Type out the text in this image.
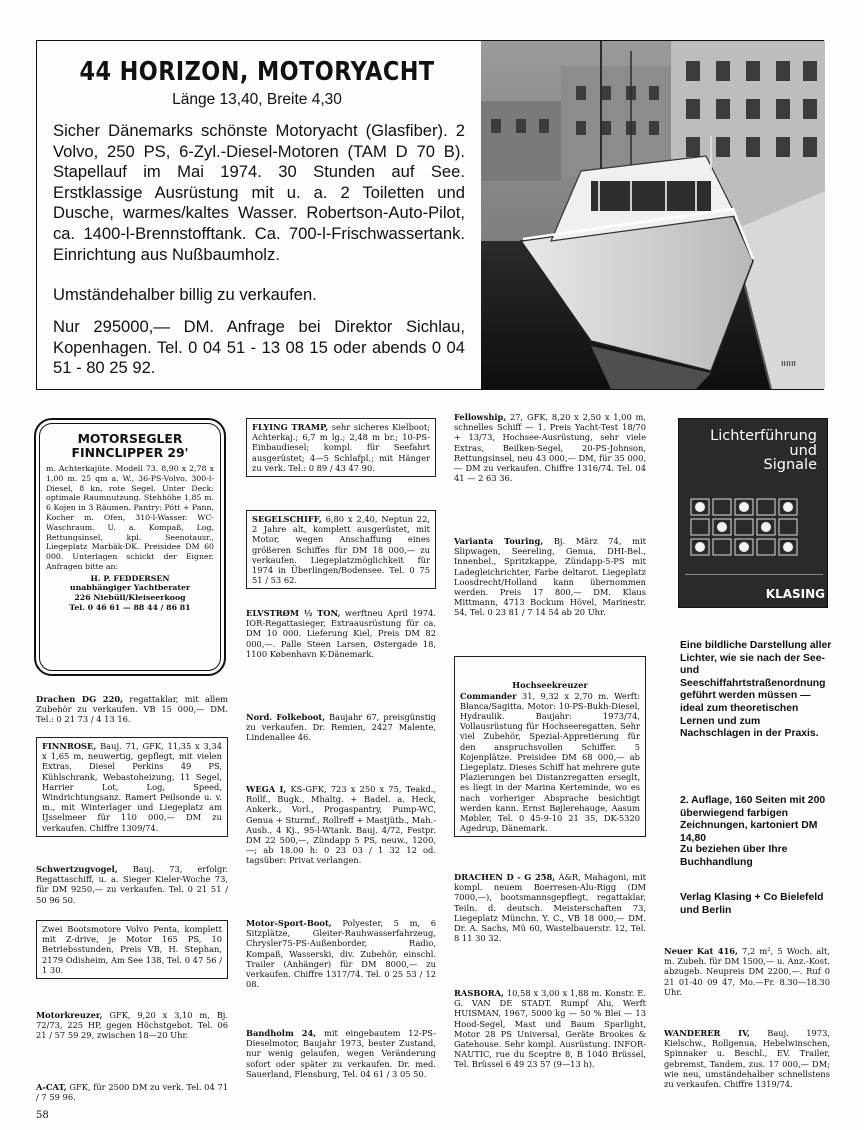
44 HORIZON, MOTORYACHT
Länge 13,40, Breite 4,30
Sicher Dänemarks schönste Motoryacht (Glasfiber). 2 Volvo, 250 PS, 6-Zyl.-Diesel-Motoren (TAM D 70 B). Stapellauf im Mai 1974. 30 Stunden auf See. Erstklassige Ausrüstung mit u. a. 2 Toiletten und Dusche, warmes/kaltes Wasser. Robertson-Auto-Pilot, ca. 1400-l-Brennstofftank. Ca. 700-l-Frischwassertank. Einrichtung aus Nußbaumholz.
Umständehalber billig zu verkaufen.
Nur 295000,— DM. Anfrage bei Direktor Sichlau, Kopenhagen. Tel. 0 04 51 - 13 08 15 oder abends 0 04 51 - 80 25 92.	ıııııı
MOTORSEGLER
FINNCLIPPER 29'
m. Achterkajüte. Modell 73. 8,90 x 2,78 x 1,00 m. 25 qm a. W., 36-PS-Volvo, 300-l-Diesel, 8 kn, rote Segel. Unter Deck: optimale Raumnutzung. Stehhöhe 1,85 m. 6 Kojen in 3 Räumen. Pantry: Pött + Pann, Kocher m. Ofen, 310-l-Wasser. WC-Waschraum. U. a. Kompaß, Log, Rettungsinsel, kpl. Seenotausr., Liegeplatz Marbäk-DK. Preisidee DM 60 000. Unterlagen schickt der Eigner. Anfragen bitte an:
H. P. FEDDERSEN
unabhängiger Yachtberater
226 Niebüll/Kleiseerkoog
Tel. 0 46 61 — 88 44 / 86 81
Drachen DG 220, regattaklar, mit allem Zubehör zu verkaufen. VB 15 000,— DM. Tel.: 0 21 73 / 4 13 16.
FINNROSE, Bauj. 71, GFK, 11,35 x 3,34 x 1,65 m, neuwertig, gepflegt, mit vielen Extras, Diesel Perkins 49 PS, Kühlschrank, Webastoheizung, 11 Segel, Harrier Lot, Log, Speed, Windrichtungsanz. Ramert Peilsonde u. v. m., mit Winterlager und Liegeplatz am IJsselmeer für 110 000,— DM zu verkaufen. Chiffre 1309/74.
Schwertzugvogel, Bauj. 73, erfolgr. Regattaschiff, u. a. Sieger Kieler-Woche 73, für DM 9250,— zu verkaufen. Tel. 0 21 51 / 50 96 50.
Zwei Bootsmotore Volvo Penta, komplett mit Z-drive, je Motor 165 PS, 10 Betriebsstunden, Preis VB, H. Stephan, 2179 Odisheim, Am See 138, Tel. 0 47 56 / 1 30.
Motorkreuzer, GFK, 9,20 x 3,10 m, Bj. 72/73, 225 HP, gegen Höchstgebot. Tel. 06 21 / 57 59 29, zwischen 18—20 Uhr.
A-CAT, GFK, für 2500 DM zu verk. Tel. 04 71 / 7 59 96.
FLYING TRAMP, sehr sicheres Kielboot; Achterkaj.; 6,7 m lg.; 2,48 m br.; 10-PS-Einbaudiesel; kompl. für Seefahrt ausgerüstet; 4—5 Schlafpl.; mit Hänger zu verk. Tel.: 0 89 / 43 47 90.
SEGELSCHIFF, 6,80 x 2,40, Neptun 22, 2 Jahre alt, komplett ausgerüstet, mit Motor, wegen Anschaffung eines größeren Schiffes für DM 18 000,— zu verkaufen. Liegeplatzmöglichkeit für 1974 in Überlingen/Bodensee. Tel. 0 75 51 / 53 62.
ELVSTRØM ½ TON, werftneu April 1974. IOR-Regattasieger, Extraausrüstung für ca. DM 10 000. Lieferung Kiel, Preis DM 82 000,—. Palle Steen Larsen, Østergade 18, 1100 København K-Dänemark.
Nord. Folkeboot, Baujahr 67, preisgünstig zu verkaufen. Dr. Remien, 2427 Malente, Lindenallee 46.
WEGA I, KS-GFK, 723 x 250 x 75, Teakd., Rollf., Bugk., Mhaltg. + Badel. a. Heck, Ankerk., Vorl., Progaspantry, Pump-WC, Genua + Sturmf., Rollreff + Mastjütb., Mah.-Ausb., 4 Kj., 95-l-Wtank. Bauj. 4/72, Festpr. DM 22 500,—, Zündapp 5 PS, neuw., 1200,—; ab 18.00 h: 0 23 03 / 1 32 12 od. tagsüber: Privat verlangen.
Motor-Sport-Boot, Polyester, 5 m, 6 Sitzplätze, Gleiter-Rauhwasserfahrzeug, Chrysler75-PS-Außenborder, Radio, Kompaß, Wasserski, div. Zubehör, einschl. Trailer (Anhänger) für DM 8000,— zu verkaufen. Chiffre 1317/74. Tel. 0 25 53 / 12 08.
Bandholm 24, mit eingebautem 12-PS-Dieselmotor, Baujahr 1973, bester Zustand, nur wenig gelaufen, wegen Veränderung sofort oder später zu verkaufen. Dr. med. Sauerland, Flensburg, Tel. 04 61 / 3 05 50.
Fellowship, 27, GFK, 8,20 x 2,50 x 1,00 m, schnelles Schiff — 1. Preis Yacht-Test 18/70 + 13/73, Hochsee-Ausrüstung, sehr viele Extras, Beilken-Segel, 20-PS-Johnson, Rettungsinsel, neu 43 000,— DM, für 35 000,— DM zu verkaufen. Chiffre 1316/74. Tel. 04 41 — 2 63 36.
Varianta Touring, Bj. März 74, mit Slipwagen, Seereling, Genua, DHI-Bel., Innenbel., Spritzkappe, Zündapp-5-PS mit Ladegleichrichter, Farbe deltarot. Liegeplatz Loosdrecht/Holland kann übernommen werden. Preis 17 800,— DM. Klaus Mittmann, 4713 Bockum Hövel, Marinestr. 54, Tel. 0 23 81 / 7 14 54 ab 20 Uhr.

Hochseekreuzer
Commander 31, 9,32 x 2,70 m. Werft: Blanca/Sagitta. Motor: 10-PS-Bukh-Diesel, Hydraulik. Baujahr: 1973/74, Vollausrüstung für Hochseeregatten. Sehr viel Zubehör, Spezial-Appretierung für den anspruchsvollen Schiffer. 5 Kojenplätze. Preisidee DM 68 000,— ab Liegeplatz. Dieses Schiff hat mehrere gute Plazierungen bei Distanzregatten erseglt, es liegt in der Marina Kerteminde, wo es nach vorheriger Absprache besichtigt werden kann. Ernst Bøjlerehauge, Aasum Møbler, Tel. 0 45-9-10 21 35, DK-5320 Agedrup, Dänemark.

DRACHEN D - G 258, A&R, Mahagoni, mit kompl. neuem Boerresen-Alu-Rigg (DM 7000,—), bootsmannsgepflegt, regattaklar, Teiln. d. deutsch. Meisterschaften 73, Liegeplatz Münchn. Y. C., VB 18 000,— DM. Dr. A. Sachs, Mü 60, Wastelbauerstr. 12, Tel. 8 11 30 32.
RASBORA, 10,58 x 3,00 x 1,88 m. Konstr. E. G. VAN DE STADT. Rumpf Alu, Werft HUISMAN, 1967, 5000 kg — 50 % Blei — 13 Hood-Segel, Mast und Baum Sparlight, Motor 28 PS Universal, Geräte Brookes & Gatehouse. Sehr kompl. Ausrüstung. INFOR-NAUTIC, rue du Sceptre 8, B 1040 Brüssel, Tel. Brüssel 6 49 23 57 (9—13 h).
Lichterführung
und
Signale
KLASING
Eine bildliche Darstellung aller Lichter, wie sie nach der See- und Seeschiffahrtstraßenordnung geführt werden müssen — ideal zum theoretischen Lernen und zum Nachschlagen in der Praxis.
2. Auflage, 160 Seiten mit 200 überwiegend farbigen Zeichnungen, kartoniert DM 14,80
Zu beziehen über Ihre Buchhandlung
Verlag Klasing + Co Bielefeld und Berlin
Neuer Kat 416, 7,2 m², 5 Woch. alt, m. Zubeh. für DM 1500,— u. Anz.-Kost. abzugeb. Neupreis DM 2200,—. Ruf 0 21 01-40 09 47, Mo.—Fr. 8.30—18.30 Uhr.
WANDERER IV, Bauj. 1973, Kielschw., Rollgenua, Hebelwinschen, Spinnaker u. Beschl., EV. Trailer, gebremst, Tandem, zus. 17 000,— DM; wie neu, umständehalber schnellstens zu verkaufen. Chiffre 1319/74.
58
